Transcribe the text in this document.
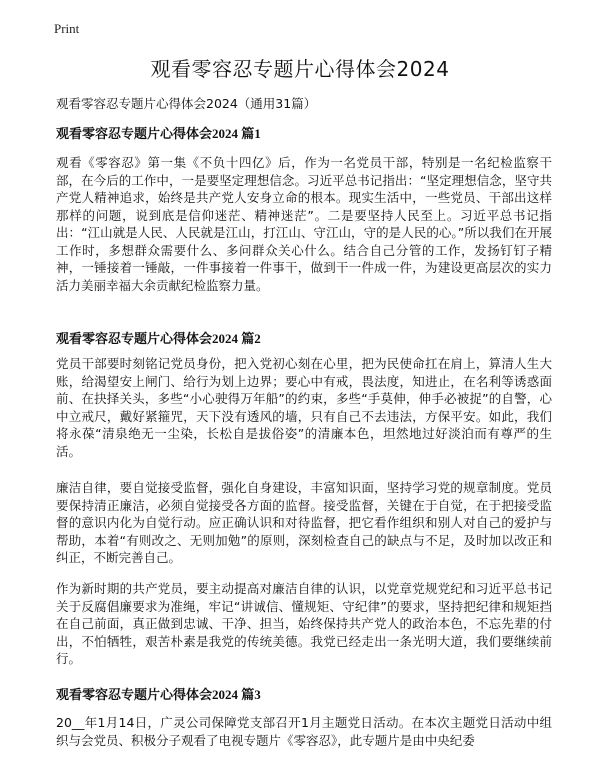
Print
观看零容忍专题片心得体会2024

观看零容忍专题片心得体会2024（通用31篇）

观看零容忍专题片心得体会2024 篇1

观看《零容忍》第一集《不负十四亿》后，作为一名党员干部，特别是一名纪检监察干部，在今后的工作中，一是要坚定理想信念。习近平总书记指出：“坚定理想信念，坚守共产党人精神追求，始终是共产党人安身立命的根本。现实生活中，一些党员、干部出这样那样的问题，说到底是信仰迷茫、精神迷茫”。二是要坚持人民至上。习近平总书记指出：“江山就是人民、人民就是江山，打江山、守江山，守的是人民的心。”所以我们在开展工作时，多想群众需要什么、多问群众关心什么。结合自己分管的工作，发扬钉钉子精神，一锤接着一锤敲，一件事接着一件事干，做到干一件成一件，为建设更高层次的实力活力美丽幸福大余贡献纪检监察力量。

观看零容忍专题片心得体会2024 篇2

党员干部要时刻铭记党员身份，把入党初心刻在心里，把为民使命扛在肩上，算清人生大账，给渴望安上闸门、给行为划上边界；要心中有戒，畏法度，知进止，在名利等诱惑面前、在抉择关头，多些“小心驶得万年船”的约束，多些“手莫伸，伸手必被捉”的自警，心中立戒尺，戴好紧箍咒，天下没有透风的墙，只有自己不去违法，方保平安。如此，我们将永葆“清泉绝无一尘染，长松自是拔俗姿”的清廉本色，坦然地过好淡泊而有尊严的生活。

廉洁自律，要自觉接受监督，强化自身建设，丰富知识面，坚持学习党的规章制度。党员要保持清正廉洁，必须自觉接受各方面的监督。接受监督，关键在于自觉，在于把接受监督的意识内化为自觉行动。应正确认识和对待监督，把它看作组织和别人对自己的爱护与帮助，本着“有则改之、无则加勉”的原则，深刻检查自己的缺点与不足，及时加以改正和纠正，不断完善自己。

作为新时期的共产党员，要主动提高对廉洁自律的认识，以党章党规党纪和习近平总书记关于反腐倡廉要求为准绳，牢记“讲诚信、懂规矩、守纪律”的要求，坚持把纪律和规矩挡在自己前面，真正做到忠诚、干净、担当，始终保持共产党人的政治本色，不忘先辈的付出，不怕牺牲，艰苦朴素是我党的传统美德。我党已经走出一条光明大道，我们要继续前行。

观看零容忍专题片心得体会2024 篇3

20__年1月14日，广灵公司保障党支部召开1月主题党日活动。在本次主题党日活动中组织与会党员、积极分子观看了电视专题片《零容忍》，此专题片是由中央纪委
